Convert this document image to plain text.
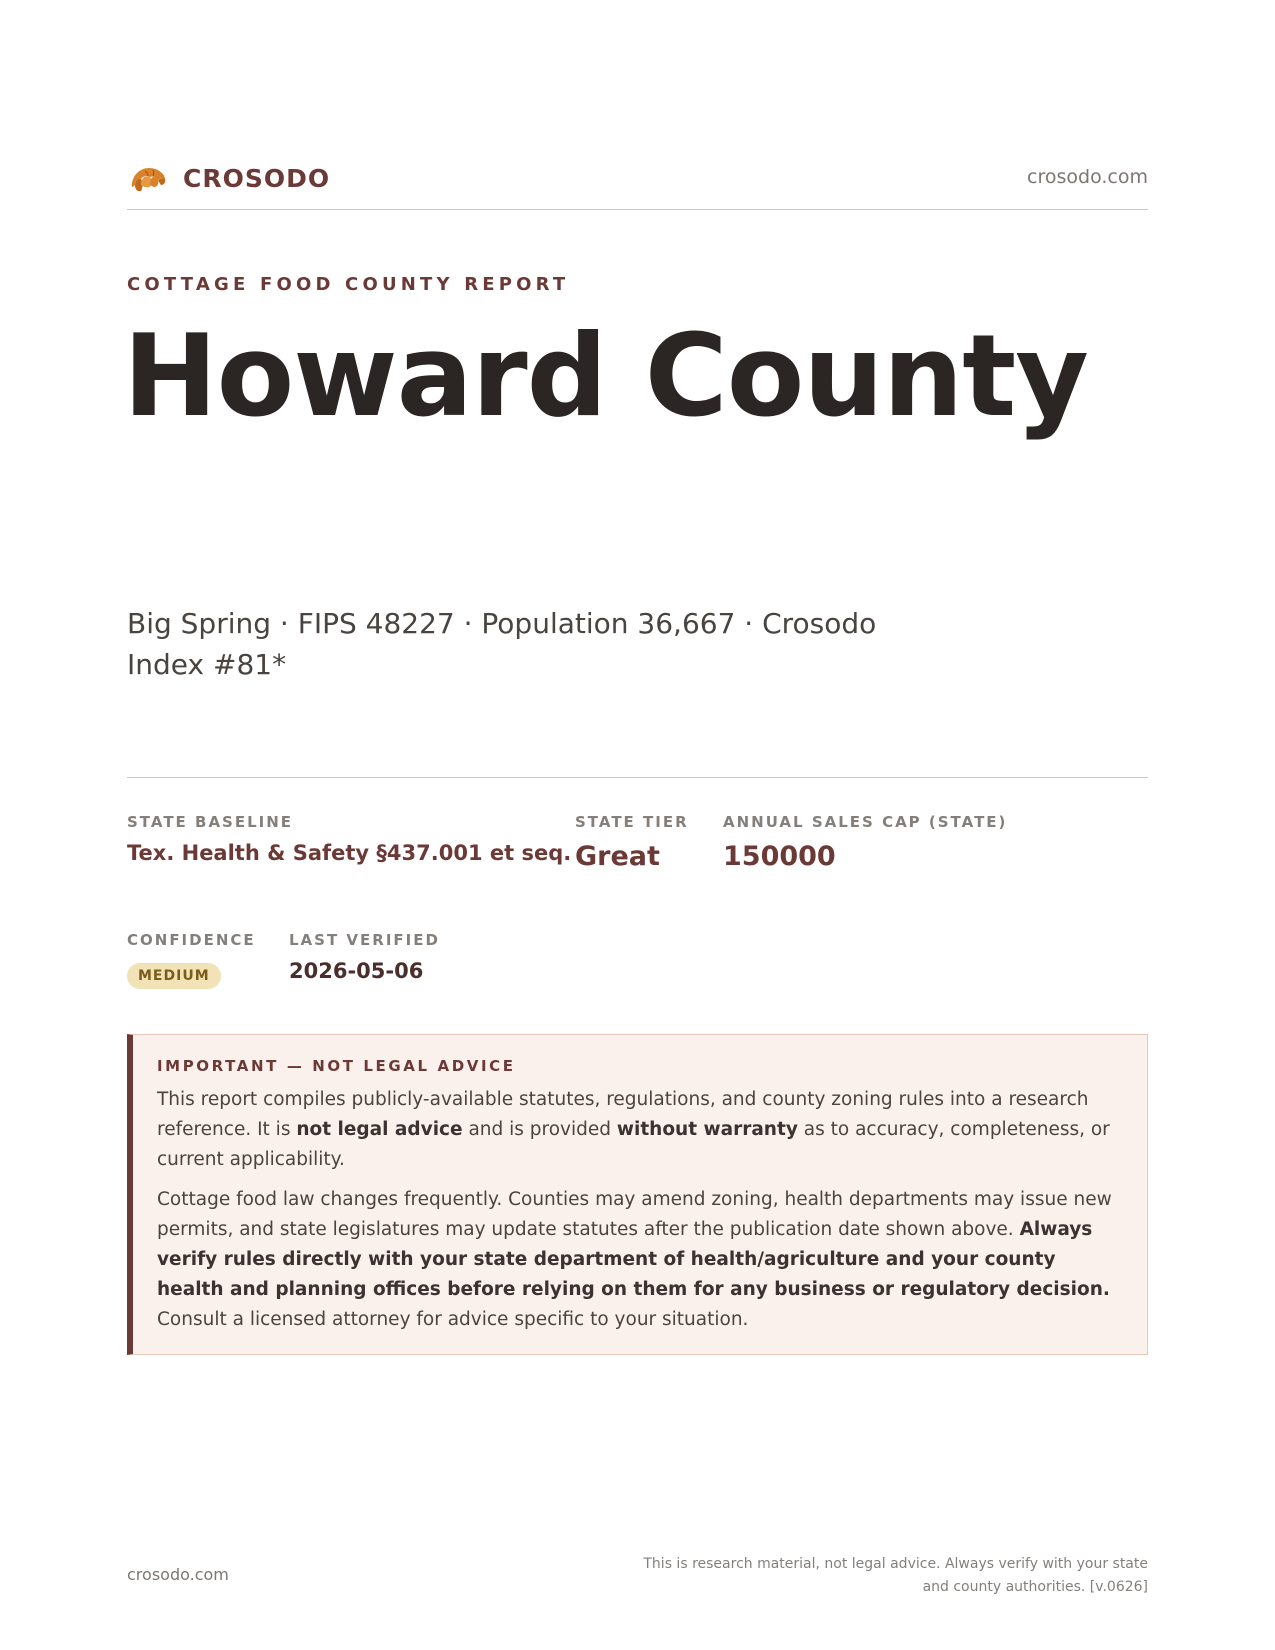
CROSODO	crosodo.com
COTTAGE FOOD COUNTY REPORT
Howard County
Big Spring · FIPS 48227 · Population 36,667 · Crosodo Index #81*
STATE BASELINE
Tex. Health & Safety §437.001 et seq.
STATE TIER
Great
ANNUAL SALES CAP (STATE)
150000
CONFIDENCE
MEDIUM
LAST VERIFIED
2026-05-06
IMPORTANT — NOT LEGAL ADVICE

This report compiles publicly-available statutes, regulations, and county zoning rules into a research reference. It is not legal advice and is provided without warranty as to accuracy, completeness, or current applicability.

Cottage food law changes frequently. Counties may amend zoning, health departments may issue new permits, and state legislatures may update statutes after the publication date shown above. Always verify rules directly with your state department of health/agriculture and your county health and planning offices before relying on them for any business or regulatory decision. Consult a licensed attorney for advice specific to your situation.

crosodo.com
This is research material, not legal advice. Always verify with your state and county authorities. [v.0626]
